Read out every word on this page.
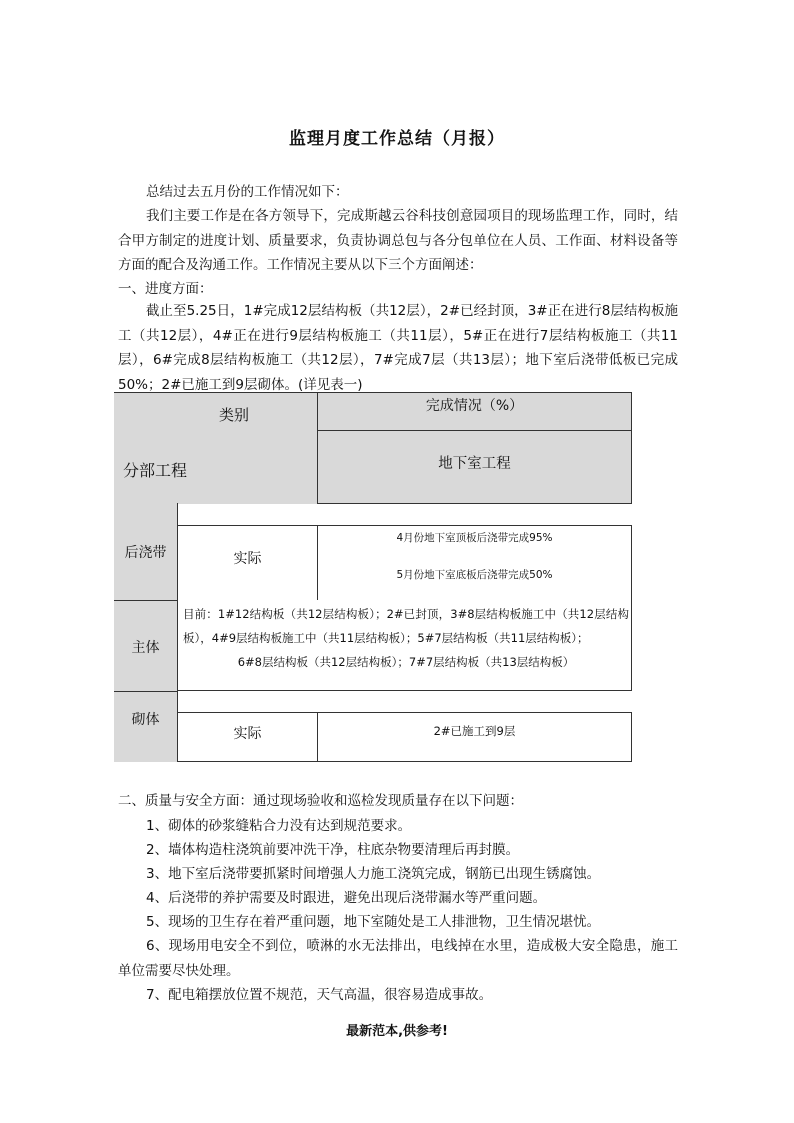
监理月度工作总结（月报）
总结过去五月份的工作情况如下：
我们主要工作是在各方领导下，完成斯越云谷科技创意园项目的现场监理工作，同时，结合甲方制定的进度计划、质量要求，负责协调总包与各分包单位在人员、工作面、材料设备等方面的配合及沟通工作。工作情况主要从以下三个方面阐述：
一、进度方面：
截止至5.25日，1#完成12层结构板（共12层），2#已经封顶，3#正在进行8层结构板施工（共12层），4#正在进行9层结构板施工（共11层），5#正在进行7层结构板施工（共11层），6#完成8层结构板施工（共12层），7#完成7层（共13层）；地下室后浇带低板已完成50%；2#已施工到9层砌体。(详见表一)
类别
分部工程
完成情况（%）
地下室工程
后浇带
主体
砌体
实际
4月份地下室顶板后浇带完成95%
5月份地下室底板后浇带完成50%
目前：1#12结构板（共12层结构板）；2#已封顶，3#8层结构板施工中（共12层结构板），4#9层结构板施工中（共11层结构板）；5#7层结构板（共11层结构板）；
6#8层结构板（共12层结构板）；7#7层结构板（共13层结构板）
实际	2#已施工到9层
二、质量与安全方面：通过现场验收和巡检发现质量存在以下问题：
1、砌体的砂浆缝粘合力没有达到规范要求。
2、墙体构造柱浇筑前要冲洗干净，柱底杂物要清理后再封膜。
3、地下室后浇带要抓紧时间增强人力施工浇筑完成，钢筋已出现生锈腐蚀。
4、后浇带的养护需要及时跟进，避免出现后浇带漏水等严重问题。
5、现场的卫生存在着严重问题，地下室随处是工人排泄物，卫生情况堪忧。
6、现场用电安全不到位，喷淋的水无法排出，电线掉在水里，造成极大安全隐患，施工单位需要尽快处理。
7、配电箱摆放位置不规范，天气高温，很容易造成事故。
最新范本,供参考!
